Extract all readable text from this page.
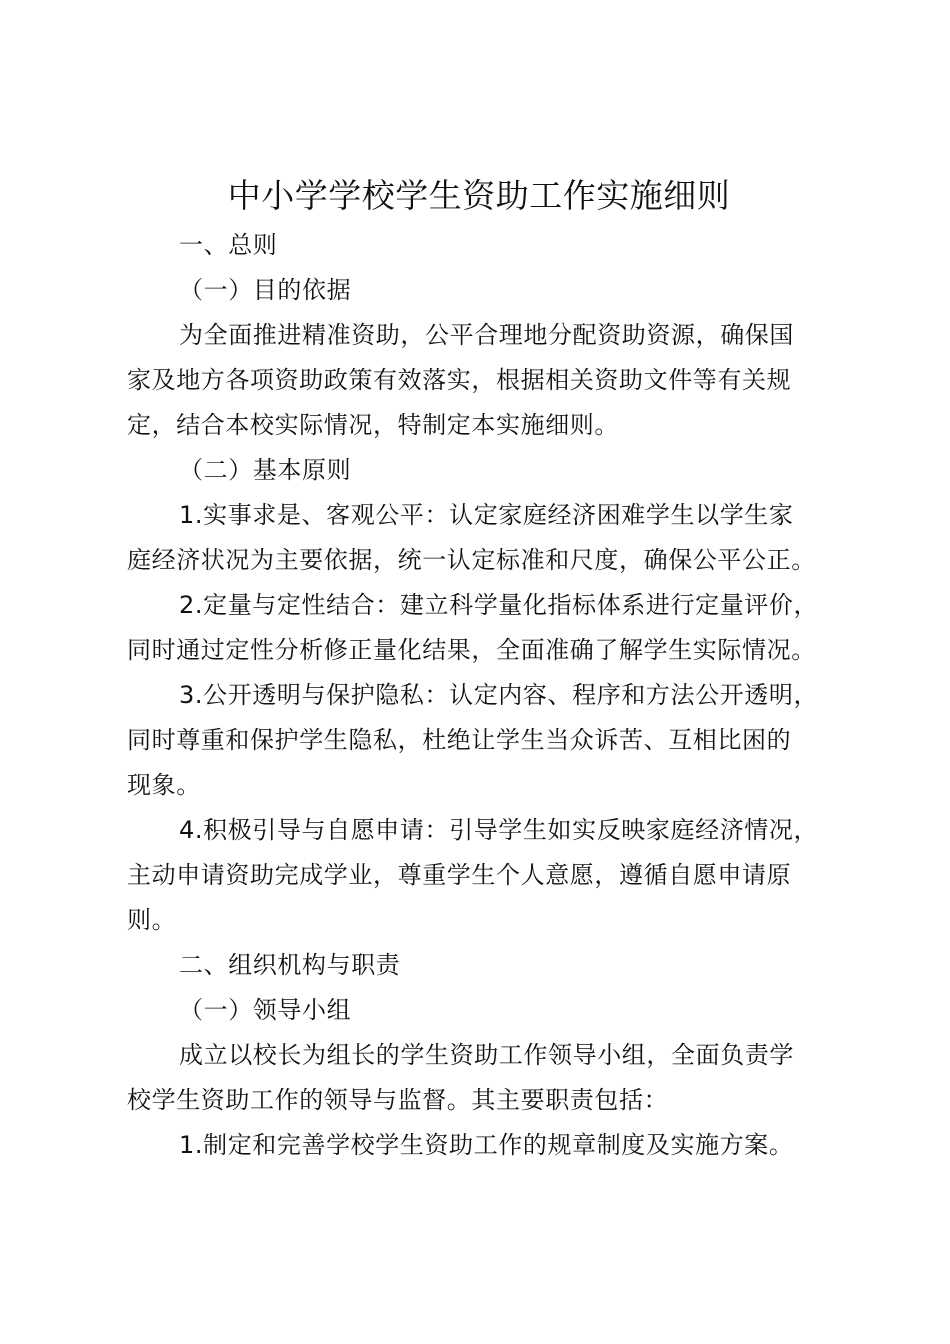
中小学学校学生资助工作实施细则

一、总则

（一）目的依据

为全面推进精准资助，公平合理地分配资助资源，确保国

家及地方各项资助政策有效落实，根据相关资助文件等有关规

定，结合本校实际情况，特制定本实施细则。

（二）基本原则

1.实事求是、客观公平：认定家庭经济困难学生以学生家

庭经济状况为主要依据，统一认定标准和尺度，确保公平公正。

2.定量与定性结合：建立科学量化指标体系进行定量评价，

同时通过定性分析修正量化结果，全面准确了解学生实际情况。

3.公开透明与保护隐私：认定内容、程序和方法公开透明，

同时尊重和保护学生隐私，杜绝让学生当众诉苦、互相比困的

现象。

4.积极引导与自愿申请：引导学生如实反映家庭经济情况，

主动申请资助完成学业，尊重学生个人意愿，遵循自愿申请原

则。

二、组织机构与职责

（一）领导小组

成立以校长为组长的学生资助工作领导小组，全面负责学

校学生资助工作的领导与监督。其主要职责包括：

1.制定和完善学校学生资助工作的规章制度及实施方案。
